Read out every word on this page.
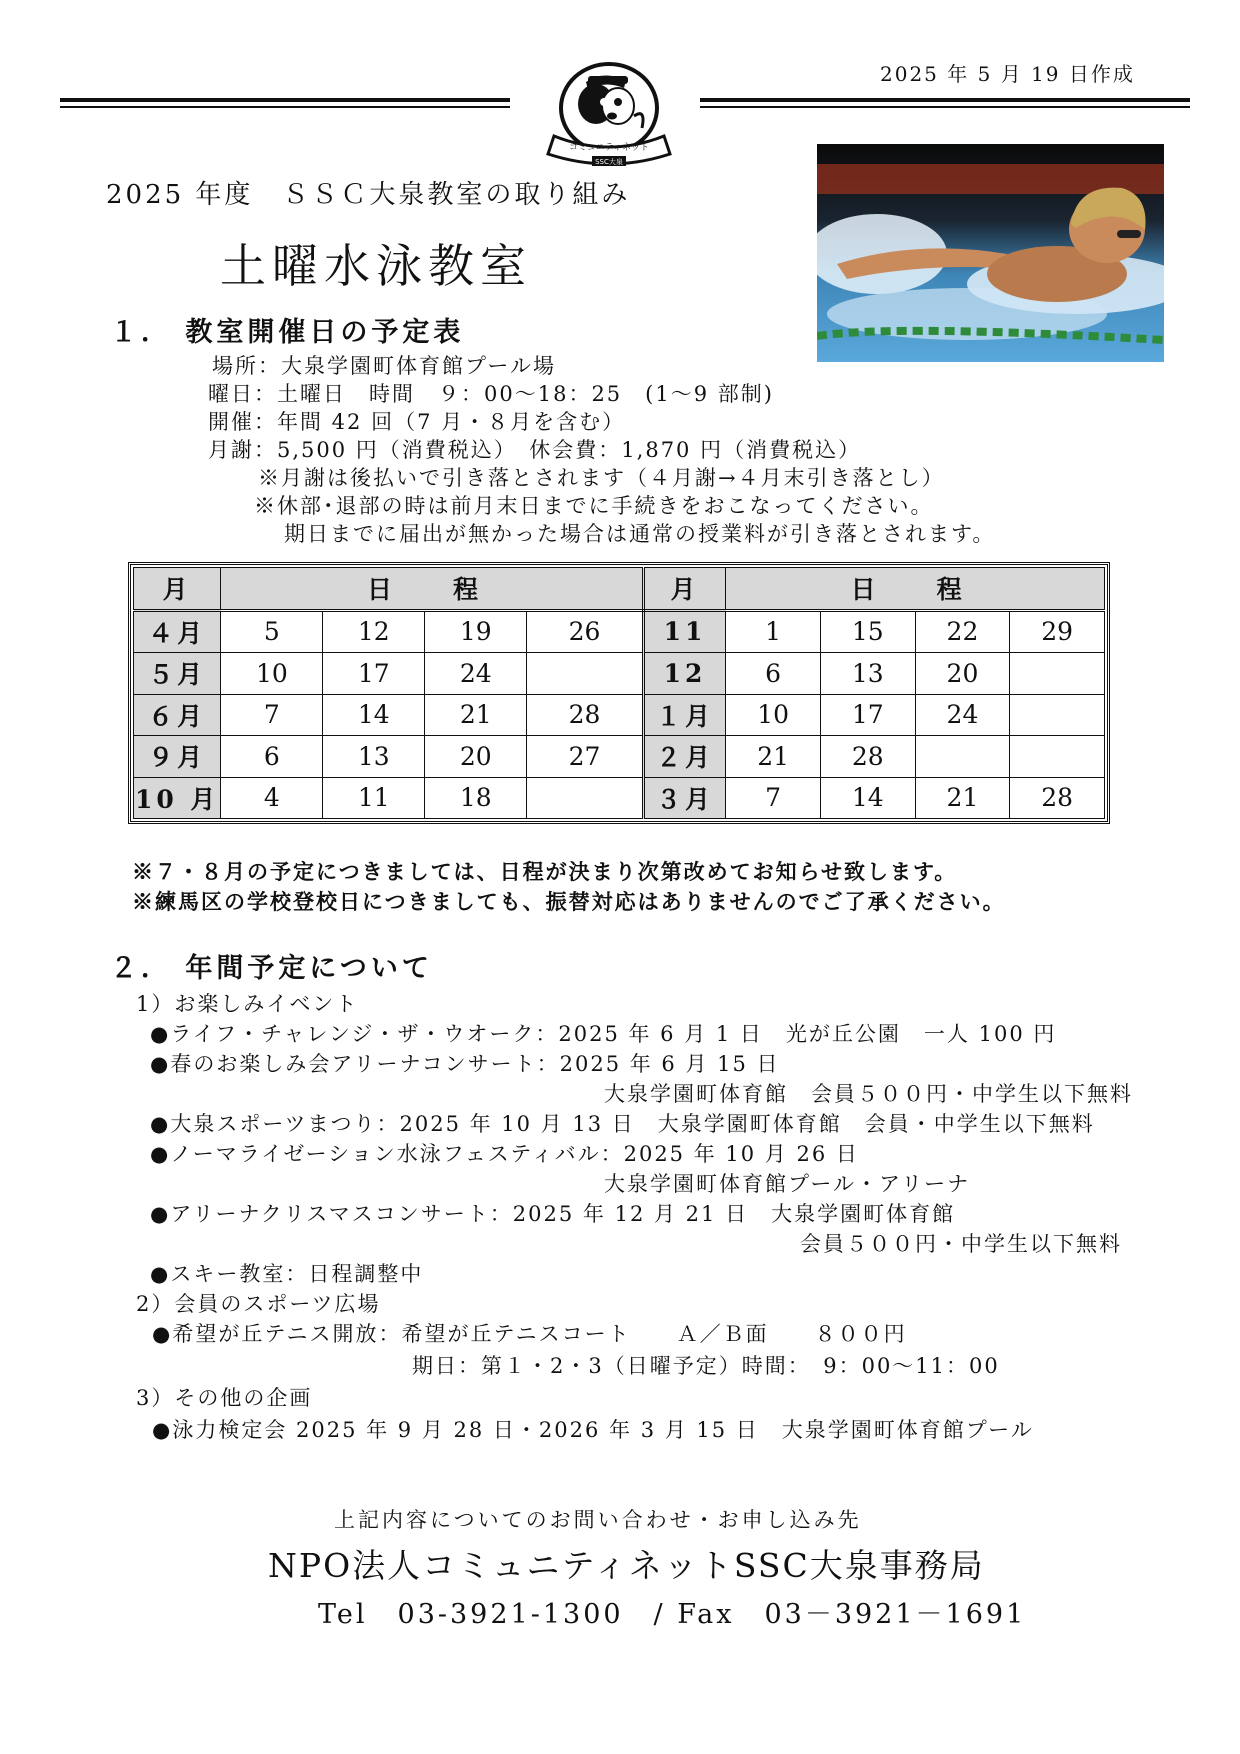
2025 年 5 月 19 日作成
コミュニティネット
SSC大泉
2025 年度　ＳＳＣ大泉教室の取り組み
土曜水泳教室
１． 教室開催日の予定表
場所：大泉学園町体育館プール場
曜日：土曜日　時間　９：00～18：25　(1～9 部制)
開催：年間 42 回（7 月・８月を含む）
月謝：5,500 円（消費税込）　休会費：1,870 円（消費税込）
※月謝は後払いで引き落とされます（４月謝→４月末引き落とし）
※休部･退部の時は前月末日までに手続きをおこなってください。
期日までに届出が無かった場合は通常の授業料が引き落とされます。
月	日　程				月	日　程			
４月	5	12	19	26	11	1	15	22	29
５月	10	17	24		12	6	13	20	
６月	7	14	21	28	１月	10	17	24	
９月	6	13	20	27	２月	21	28		
10 月	4	11	18		３月	7	14	21	28
※７・８月の予定につきましては、日程が決まり次第改めてお知らせ致します。
※練馬区の学校登校日につきましても、振替対応はありませんのでご了承ください。
２． 年間予定について
1）お楽しみイベント
●ライフ・チャレンジ・ザ・ウオーク：2025 年 6 月 1 日　光が丘公園　一人 100 円
●春のお楽しみ会アリーナコンサート：2025 年 6 月 15 日
大泉学園町体育館　会員５００円・中学生以下無料
●大泉スポーツまつり：2025 年 10 月 13 日　大泉学園町体育館　会員・中学生以下無料
●ノーマライゼーション水泳フェスティバル：2025 年 10 月 26 日
大泉学園町体育館プール・アリーナ
●アリーナクリスマスコンサート：2025 年 12 月 21 日　大泉学園町体育館
会員５００円・中学生以下無料
●スキー教室：日程調整中
2）会員のスポーツ広場
●希望が丘テニス開放：希望が丘テニスコート　　Ａ／Ｂ面　　８００円
期日：第１・2・3（日曜予定）時間：　9：00～11：00
3）その他の企画
●泳力検定会 2025 年 9 月 28 日・2026 年 3 月 15 日　大泉学園町体育館プール
上記内容についてのお問い合わせ・お申し込み先
NPO法人コミュニティネットSSC大泉事務局
Tel　03-3921-1300　/ Fax　03－3921－1691
